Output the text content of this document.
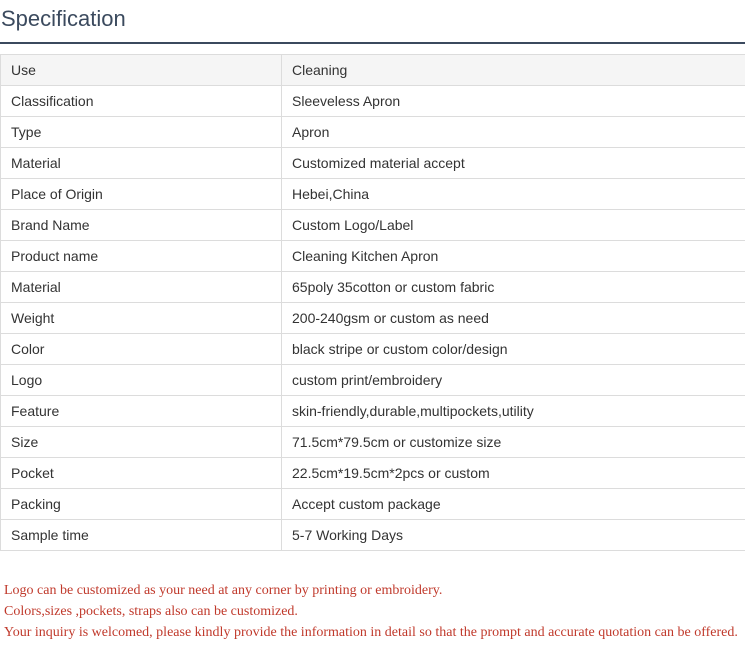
Specification
Use	Cleaning
Classification	Sleeveless Apron
Type	Apron
Material	Customized material accept
Place of Origin	Hebei,China
Brand Name	Custom Logo/Label
Product name	Cleaning Kitchen Apron
Material	65poly 35cotton or custom fabric
Weight	200-240gsm or custom as need
Color	black stripe or custom color/design
Logo	custom print/embroidery
Feature	skin-friendly,durable,multipockets,utility
Size	71.5cm*79.5cm or customize size
Pocket	22.5cm*19.5cm*2pcs or custom
Packing	Accept custom package
Sample time	5-7 Working Days

Logo can be customized as your need at any corner by printing or embroidery.

Colors,sizes ,pockets, straps also can be customized.

Your inquiry is welcomed, please kindly provide the information in detail so that the prompt and accurate quotation can be offered.
